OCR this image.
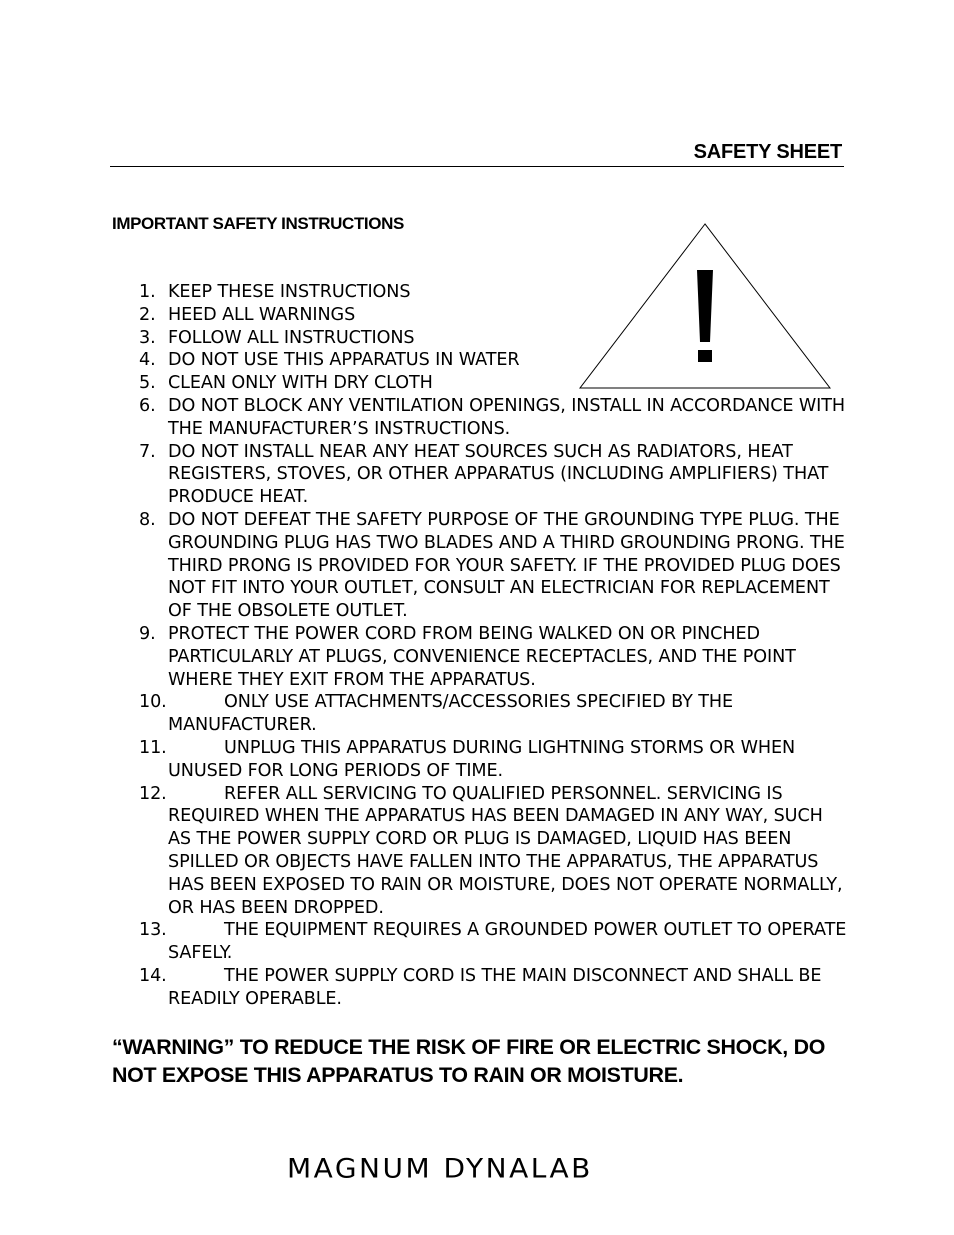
SAFETY SHEET
IMPORTANT SAFETY INSTRUCTIONS
1. KEEP THESE INSTRUCTIONS
2. HEED ALL WARNINGS
3. FOLLOW ALL INSTRUCTIONS
4. DO NOT USE THIS APPARATUS IN WATER
5. CLEAN ONLY WITH DRY CLOTH
6. DO NOT BLOCK ANY VENTILATION OPENINGS, INSTALL IN ACCORDANCE WITH THE MANUFACTURER’S INSTRUCTIONS.
7. DO NOT INSTALL NEAR ANY HEAT SOURCES SUCH AS RADIATORS, HEAT REGISTERS, STOVES, OR OTHER APPARATUS (INCLUDING AMPLIFIERS) THAT PRODUCE HEAT.
8. DO NOT DEFEAT THE SAFETY PURPOSE OF THE GROUNDING TYPE PLUG. THE GROUNDING PLUG HAS TWO BLADES AND A THIRD GROUNDING PRONG. THE THIRD PRONG IS PROVIDED FOR YOUR SAFETY. IF THE PROVIDED PLUG DOES NOT FIT INTO YOUR OUTLET, CONSULT AN ELECTRICIAN FOR REPLACEMENT OF THE OBSOLETE OUTLET.
9. PROTECT THE POWER CORD FROM BEING WALKED ON OR PINCHED PARTICULARLY AT PLUGS, CONVENIENCE RECEPTACLES, AND THE POINT WHERE THEY EXIT FROM THE APPARATUS.
10.	ONLY USE ATTACHMENTS/ACCESSORIES SPECIFIED BY THE MANUFACTURER.
11.	UNPLUG THIS APPARATUS DURING LIGHTNING STORMS OR WHEN UNUSED FOR LONG PERIODS OF TIME.
12.	REFER ALL SERVICING TO QUALIFIED PERSONNEL. SERVICING IS REQUIRED WHEN THE APPARATUS HAS BEEN DAMAGED IN ANY WAY, SUCH AS THE POWER SUPPLY CORD OR PLUG IS DAMAGED, LIQUID HAS BEEN SPILLED OR OBJECTS HAVE FALLEN INTO THE APPARATUS, THE APPARATUS HAS BEEN EXPOSED TO RAIN OR MOISTURE, DOES NOT OPERATE NORMALLY, OR HAS BEEN DROPPED.
13.	THE EQUIPMENT REQUIRES A GROUNDED POWER OUTLET TO OPERATE SAFELY.
14.	THE POWER SUPPLY CORD IS THE MAIN DISCONNECT AND SHALL BE READILY OPERABLE.
“WARNING” TO REDUCE THE RISK OF FIRE OR ELECTRIC SHOCK, DO NOT EXPOSE THIS APPARATUS TO RAIN OR MOISTURE.
MAGNUM DYNALAB
